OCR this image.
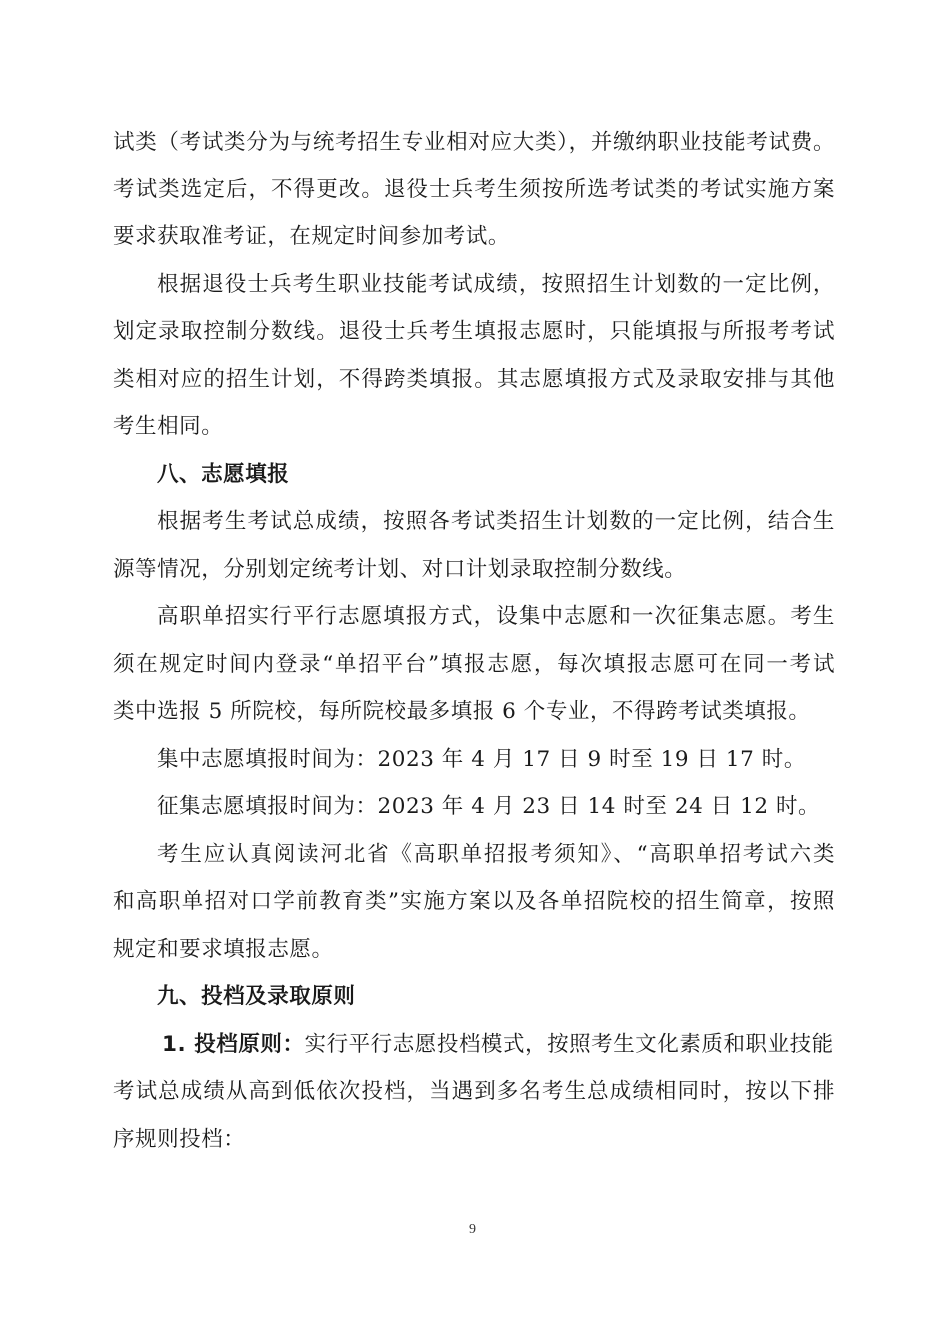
试类（考试类分为与统考招生专业相对应大类），并缴纳职业技能考试费。
考试类选定后，不得更改。退役士兵考生须按所选考试类的考试实施方案
要求获取准考证，在规定时间参加考试。
根据退役士兵考生职业技能考试成绩，按照招生计划数的一定比例，
划定录取控制分数线。退役士兵考生填报志愿时，只能填报与所报考考试
类相对应的招生计划，不得跨类填报。其志愿填报方式及录取安排与其他
考生相同。
八、志愿填报
根据考生考试总成绩，按照各考试类招生计划数的一定比例，结合生
源等情况，分别划定统考计划、对口计划录取控制分数线。
高职单招实行平行志愿填报方式，设集中志愿和一次征集志愿。考生
须在规定时间内登录“单招平台”填报志愿，每次填报志愿可在同一考试
类中选报 5 所院校，每所院校最多填报 6 个专业，不得跨考试类填报。
集中志愿填报时间为：2023 年 4 月 17 日 9 时至 19 日 17 时。
征集志愿填报时间为：2023 年 4 月 23 日 14 时至 24 日 12 时。
考生应认真阅读河北省《高职单招报考须知》、“高职单招考试六类
和高职单招对口学前教育类”实施方案以及各单招院校的招生简章，按照
规定和要求填报志愿。
九、投档及录取原则
1. 投档原则：实行平行志愿投档模式，按照考生文化素质和职业技能
考试总成绩从高到低依次投档，当遇到多名考生总成绩相同时，按以下排
序规则投档：
9
